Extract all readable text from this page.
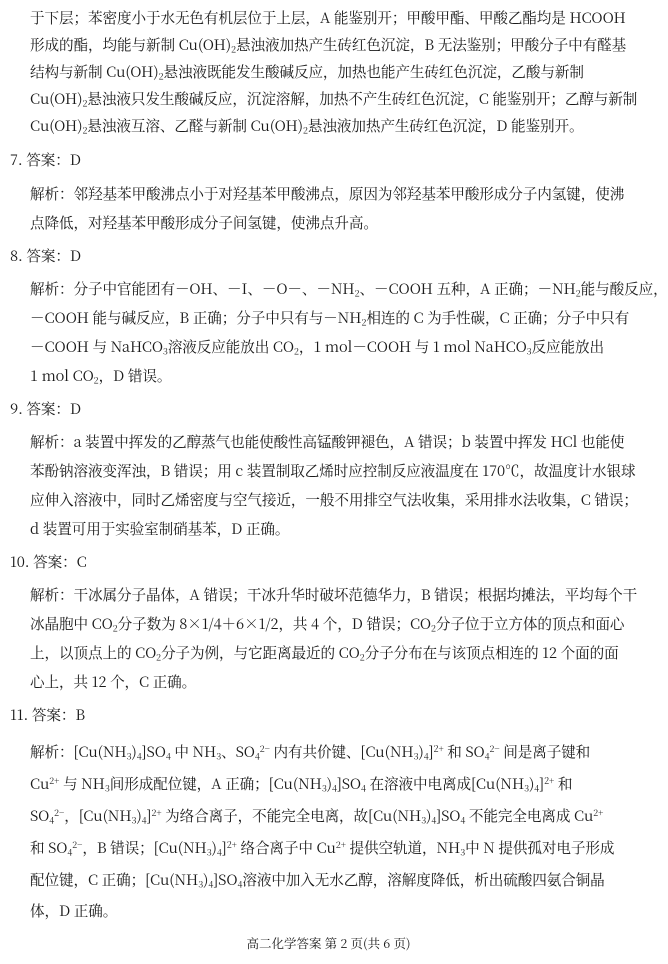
于下层；苯密度小于水无色有机层位于上层，A 能鉴别开；甲酸甲酯、甲酸乙酯均是 HCOOH
形成的酯，均能与新制 $Cu(OH)_2$悬浊液加热产生砖红色沉淀，B 无法鉴别；甲酸分子中有醛基
结构与新制 $Cu(OH)_2$悬浊液既能发生酸碱反应，加热也能产生砖红色沉淀，乙酸与新制
$Cu(OH)_2$悬浊液只发生酸碱反应，沉淀溶解，加热不产生砖红色沉淀，C 能鉴别开；乙醇与新制
$Cu(OH)_2$悬浊液互溶、乙醛与新制 $Cu(OH)_2$悬浊液加热产生砖红色沉淀，D 能鉴别开。
7. 答案：D
解析：邻羟基苯甲酸沸点小于对羟基苯甲酸沸点，原因为邻羟基苯甲酸形成分子内氢键，使沸
点降低，对羟基苯甲酸形成分子间氢键，使沸点升高。
8. 答案：D
解析：分子中官能团有－OH、－I、－O－、$-NH_2$、－COOH 五种，A 正确；$-NH_2$能与酸反应，
－COOH 能与碱反应，B 正确；分子中只有与$-NH_2$相连的 C 为手性碳，C 正确；分子中只有
－COOH 与 NaHCO$_3$溶液反应能放出 $CO_2$，1 mol－COOH 与 1 mol NaHCO$_3$反应能放出
1 mol $CO_2$，D 错误。
9. 答案：D
解析：a 装置中挥发的乙醇蒸气也能使酸性高锰酸钾褪色，A 错误；b 装置中挥发 HCl 也能使
苯酚钠溶液变浑浊，B 错误；用 c 装置制取乙烯时应控制反应液温度在 170℃，故温度计水银球
应伸入溶液中，同时乙烯密度与空气接近，一般不用排空气法收集，采用排水法收集，C 错误；
d 装置可用于实验室制硝基苯，D 正确。
10. 答案：C
解析：干冰属分子晶体，A 错误；干冰升华时破坏范德华力，B 错误；根据均摊法，平均每个干
冰晶胞中 $CO_2$分子数为 8×1/4＋6×1/2，共 4 个，D 错误；$CO_2$分子位于立方体的顶点和面心
上，以顶点上的 $CO_2$分子为例，与它距离最近的 $CO_2$分子分布在与该顶点相连的 12 个面的面
心上，共 12 个，C 正确。
11. 答案：B
解析：$[Cu(NH_3)_4]SO_4$ 中 $NH_3$、$SO_4^{2-}$ 内有共价键、$[Cu(NH_3)_4]^{2+}$ 和 $SO_4^{2-}$ 间是离子键和
$Cu^{2+}$ 与 $NH_3$间形成配位键，A 正确；$[Cu(NH_3)_4]SO_4$ 在溶液中电离成$[Cu(NH_3)_4]^{2+}$ 和
$SO_4^{2-}$，$[Cu(NH_3)_4]^{2+}$ 为络合离子，不能完全电离，故$[Cu(NH_3)_4]SO_4$ 不能完全电离成 $Cu^{2+}$
和 $SO_4^{2-}$，B 错误；$[Cu(NH_3)_4]^{2+}$ 络合离子中 $Cu^{2+}$ 提供空轨道，$NH_3$中 N 提供孤对电子形成
配位键，C 正确；$[Cu(NH_3)_4]SO_4$溶液中加入无水乙醇，溶解度降低，析出硫酸四氨合铜晶
体，D 正确。
高二化学答案 第 2 页(共 6 页)
